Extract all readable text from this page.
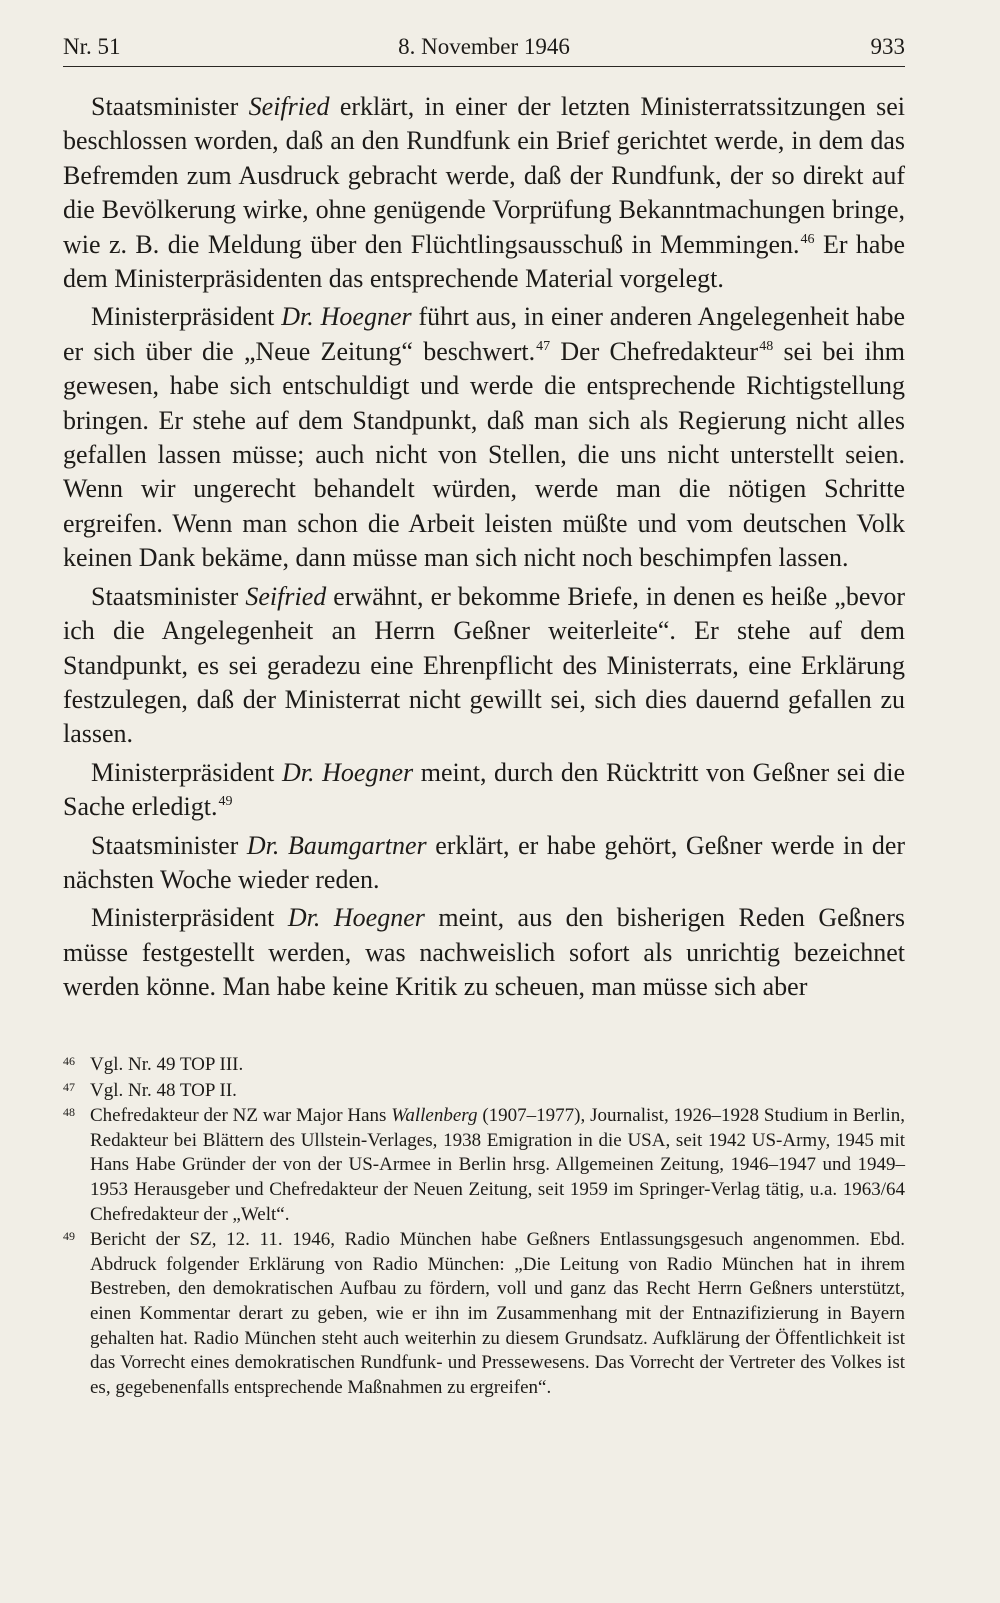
Nr. 51	8. November 1946	933

Staatsminister Seifried erklärt, in einer der letzten Ministerratssitzungen sei beschlossen worden, daß an den Rundfunk ein Brief gerichtet werde, in dem das Befremden zum Ausdruck gebracht werde, daß der Rundfunk, der so direkt auf die Bevölkerung wirke, ohne genügende Vorprüfung Bekanntmachungen bringe, wie z. B. die Meldung über den Flüchtlingsausschuß in Memmingen.$^{46}$ Er habe dem Ministerpräsidenten das entsprechende Material vorgelegt.

Ministerpräsident Dr. Hoegner führt aus, in einer anderen Angelegenheit habe er sich über die „Neue Zeitung“ beschwert.$^{47}$ Der Chefredakteur$^{48}$ sei bei ihm gewesen, habe sich entschuldigt und werde die entsprechende Richtigstellung bringen. Er stehe auf dem Standpunkt, daß man sich als Regierung nicht alles gefallen lassen müsse; auch nicht von Stellen, die uns nicht unterstellt seien. Wenn wir ungerecht behandelt würden, werde man die nötigen Schritte ergreifen. Wenn man schon die Arbeit leisten müßte und vom deutschen Volk keinen Dank bekäme, dann müsse man sich nicht noch beschimpfen lassen.

Staatsminister Seifried erwähnt, er bekomme Briefe, in denen es heiße „bevor ich die Angelegenheit an Herrn Geßner weiterleite“. Er stehe auf dem Standpunkt, es sei geradezu eine Ehrenpflicht des Ministerrats, eine Erklärung festzulegen, daß der Ministerrat nicht gewillt sei, sich dies dauernd gefallen zu lassen.

Ministerpräsident Dr. Hoegner meint, durch den Rücktritt von Geßner sei die Sache erledigt.$^{49}$

Staatsminister Dr. Baumgartner erklärt, er habe gehört, Geßner werde in der nächsten Woche wieder reden.

Ministerpräsident Dr. Hoegner meint, aus den bisherigen Reden Geßners müsse festgestellt werden, was nachweislich sofort als unrichtig bezeichnet werden könne. Man habe keine Kritik zu scheuen, man müsse sich aber

46 Vgl. Nr. 49 TOP III.
47 Vgl. Nr. 48 TOP II.
48 Chefredakteur der NZ war Major Hans Wallenberg (1907–1977), Journalist, 1926–1928 Studium in Berlin, Redakteur bei Blättern des Ullstein-Verlages, 1938 Emigration in die USA, seit 1942 US-Army, 1945 mit Hans Habe Gründer der von der US-Armee in Berlin hrsg. Allgemeinen Zeitung, 1946–1947 und 1949–1953 Herausgeber und Chefredakteur der Neuen Zeitung, seit 1959 im Springer-Verlag tätig, u.a. 1963/64 Chefredakteur der „Welt“.
49 Bericht der SZ, 12. 11. 1946, Radio München habe Geßners Entlassungsgesuch angenommen. Ebd. Abdruck folgender Erklärung von Radio München: „Die Leitung von Radio München hat in ihrem Bestreben, den demokratischen Aufbau zu fördern, voll und ganz das Recht Herrn Geßners unterstützt, einen Kommentar derart zu geben, wie er ihn im Zusammenhang mit der Entnazifizierung in Bayern gehalten hat. Radio München steht auch weiterhin zu diesem Grundsatz. Aufklärung der Öffentlichkeit ist das Vorrecht eines demokratischen Rundfunk- und Pressewesens. Das Vorrecht der Vertreter des Volkes ist es, gegebenenfalls entsprechende Maßnahmen zu ergreifen“.
